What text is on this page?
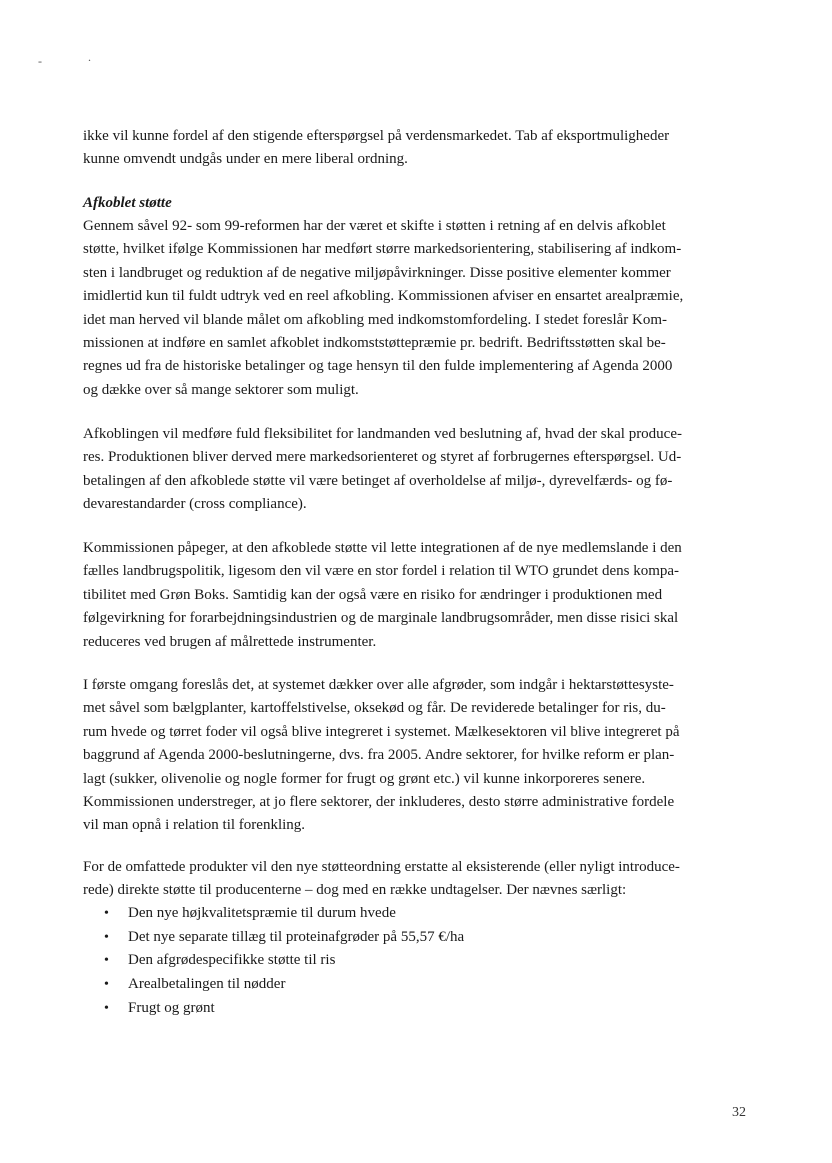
-	.
ikke vil kunne fordel af den stigende efterspørgsel på verdensmarkedet. Tab af eksportmuligheder
kunne omvendt undgås under en mere liberal ordning.
Afkoblet støtte
Gennem såvel 92- som 99-reformen har der været et skifte i støtten i retning af en delvis afkoblet
støtte, hvilket ifølge Kommissionen har medført større markedsorientering, stabilisering af indkom-
sten i landbruget og reduktion af de negative miljøpåvirkninger. Disse positive elementer kommer
imidlertid kun til fuldt udtryk ved en reel afkobling. Kommissionen afviser en ensartet arealpræmie,
idet man herved vil blande målet om afkobling med indkomstomfordeling. I stedet foreslår Kom-
missionen at indføre en samlet afkoblet indkomststøttepræmie pr. bedrift. Bedriftsstøtten skal be-
regnes ud fra de historiske betalinger og tage hensyn til den fulde implementering af Agenda 2000
og dække over så mange sektorer som muligt.
Afkoblingen vil medføre fuld fleksibilitet for landmanden ved beslutning af, hvad der skal produce-
res. Produktionen bliver derved mere markedsorienteret og styret af forbrugernes efterspørgsel. Ud-
betalingen af den afkoblede støtte vil være betinget af overholdelse af miljø-, dyrevelfærds- og fø-
devarestandarder (cross compliance).
Kommissionen påpeger, at den afkoblede støtte vil lette integrationen af de nye medlemslande i den
fælles landbrugspolitik, ligesom den vil være en stor fordel i relation til WTO grundet dens kompa-
tibilitet med Grøn Boks. Samtidig kan der også være en risiko for ændringer i produktionen med
følgevirkning for forarbejdningsindustrien og de marginale landbrugsområder, men disse risici skal
reduceres ved brugen af målrettede instrumenter.
I første omgang foreslås det, at systemet dækker over alle afgrøder, som indgår i hektarstøttesyste-
met såvel som bælgplanter, kartoffelstivelse, oksekød og får. De reviderede betalinger for ris, du-
rum hvede og tørret foder vil også blive integreret i systemet. Mælkesektoren vil blive integreret på
baggrund af Agenda 2000-beslutningerne, dvs. fra 2005. Andre sektorer, for hvilke reform er plan-
lagt (sukker, olivenolie og nogle former for frugt og grønt etc.) vil kunne inkorporeres senere.
Kommissionen understreger, at jo flere sektorer, der inkluderes, desto større administrative fordele
vil man opnå i relation til forenkling.
For de omfattede produkter vil den nye støtteordning erstatte al eksisterende (eller nyligt introduce-
rede) direkte støtte til producenterne – dog med en række undtagelser. Der nævnes særligt:
• Den nye højkvalitetspræmie til durum hvede
• Det nye separate tillæg til proteinafgrøder på 55,57 €/ha
• Den afgrødespecifikke støtte til ris
• Arealbetalingen til nødder
• Frugt og grønt
32
